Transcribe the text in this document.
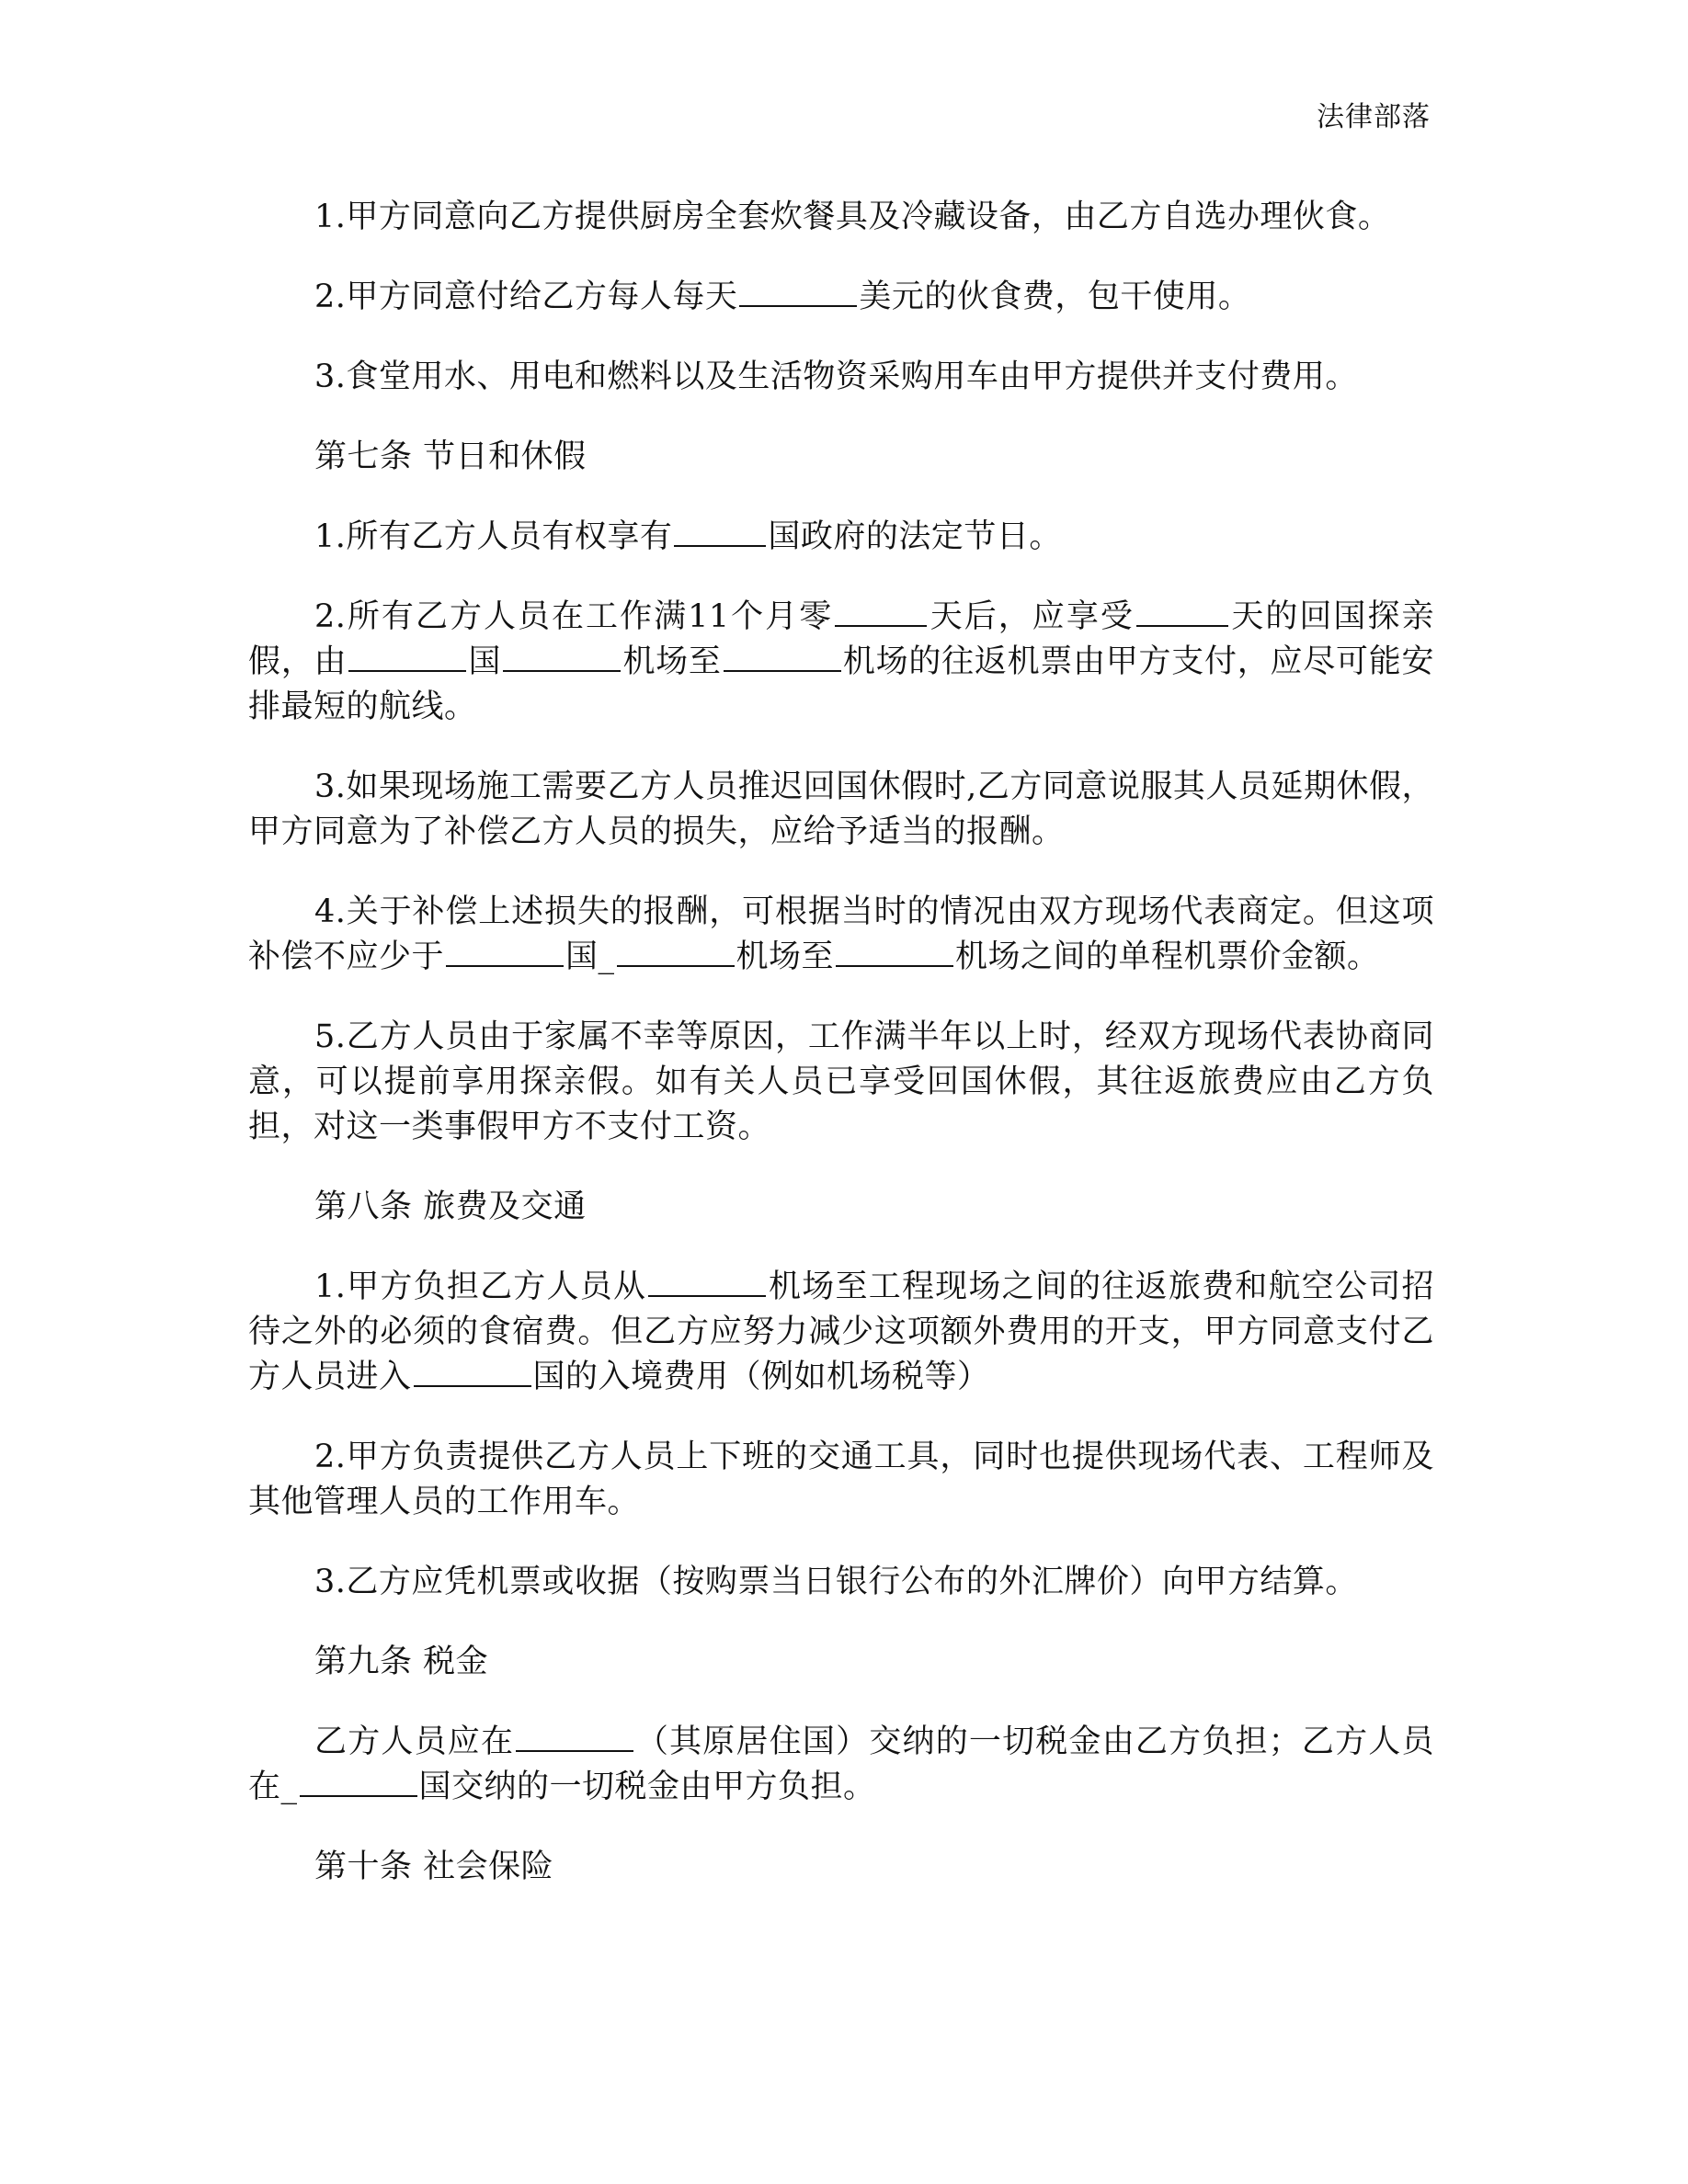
法律部落

1.甲方同意向乙方提供厨房全套炊餐具及冷藏设备，由乙方自选办理伙食。

2.甲方同意付给乙方每人每天	美元的伙食费，包干使用。

3.食堂用水、用电和燃料以及生活物资采购用车由甲方提供并支付费用。

第七条 节日和休假

1.所有乙方人员有权享有	国政府的法定节日。

2.所有乙方人员在工作满11个月零	天后，应享受	天的回国探亲假，由	国	机场至	机场的往返机票由甲方支付，应尽可能安排最短的航线。

3.如果现场施工需要乙方人员推迟回国休假时,乙方同意说服其人员延期休假，甲方同意为了补偿乙方人员的损失，应给予适当的报酬。

4.关于补偿上述损失的报酬，可根据当时的情况由双方现场代表商定。但这项补偿不应少于	国_	机场至	机场之间的单程机票价金额。

5.乙方人员由于家属不幸等原因，工作满半年以上时，经双方现场代表协商同意，可以提前享用探亲假。如有关人员已享受回国休假，其往返旅费应由乙方负担，对这一类事假甲方不支付工资。

第八条 旅费及交通

1.甲方负担乙方人员从	机场至工程现场之间的往返旅费和航空公司招待之外的必须的食宿费。但乙方应努力减少这项额外费用的开支，甲方同意支付乙方人员进入	国的入境费用（例如机场税等）

2.甲方负责提供乙方人员上下班的交通工具，同时也提供现场代表、工程师及其他管理人员的工作用车。

3.乙方应凭机票或收据（按购票当日银行公布的外汇牌价）向甲方结算。

第九条 税金

乙方人员应在	（其原居住国）交纳的一切税金由乙方负担；乙方人员在_	国交纳的一切税金由甲方负担。

第十条 社会保险
